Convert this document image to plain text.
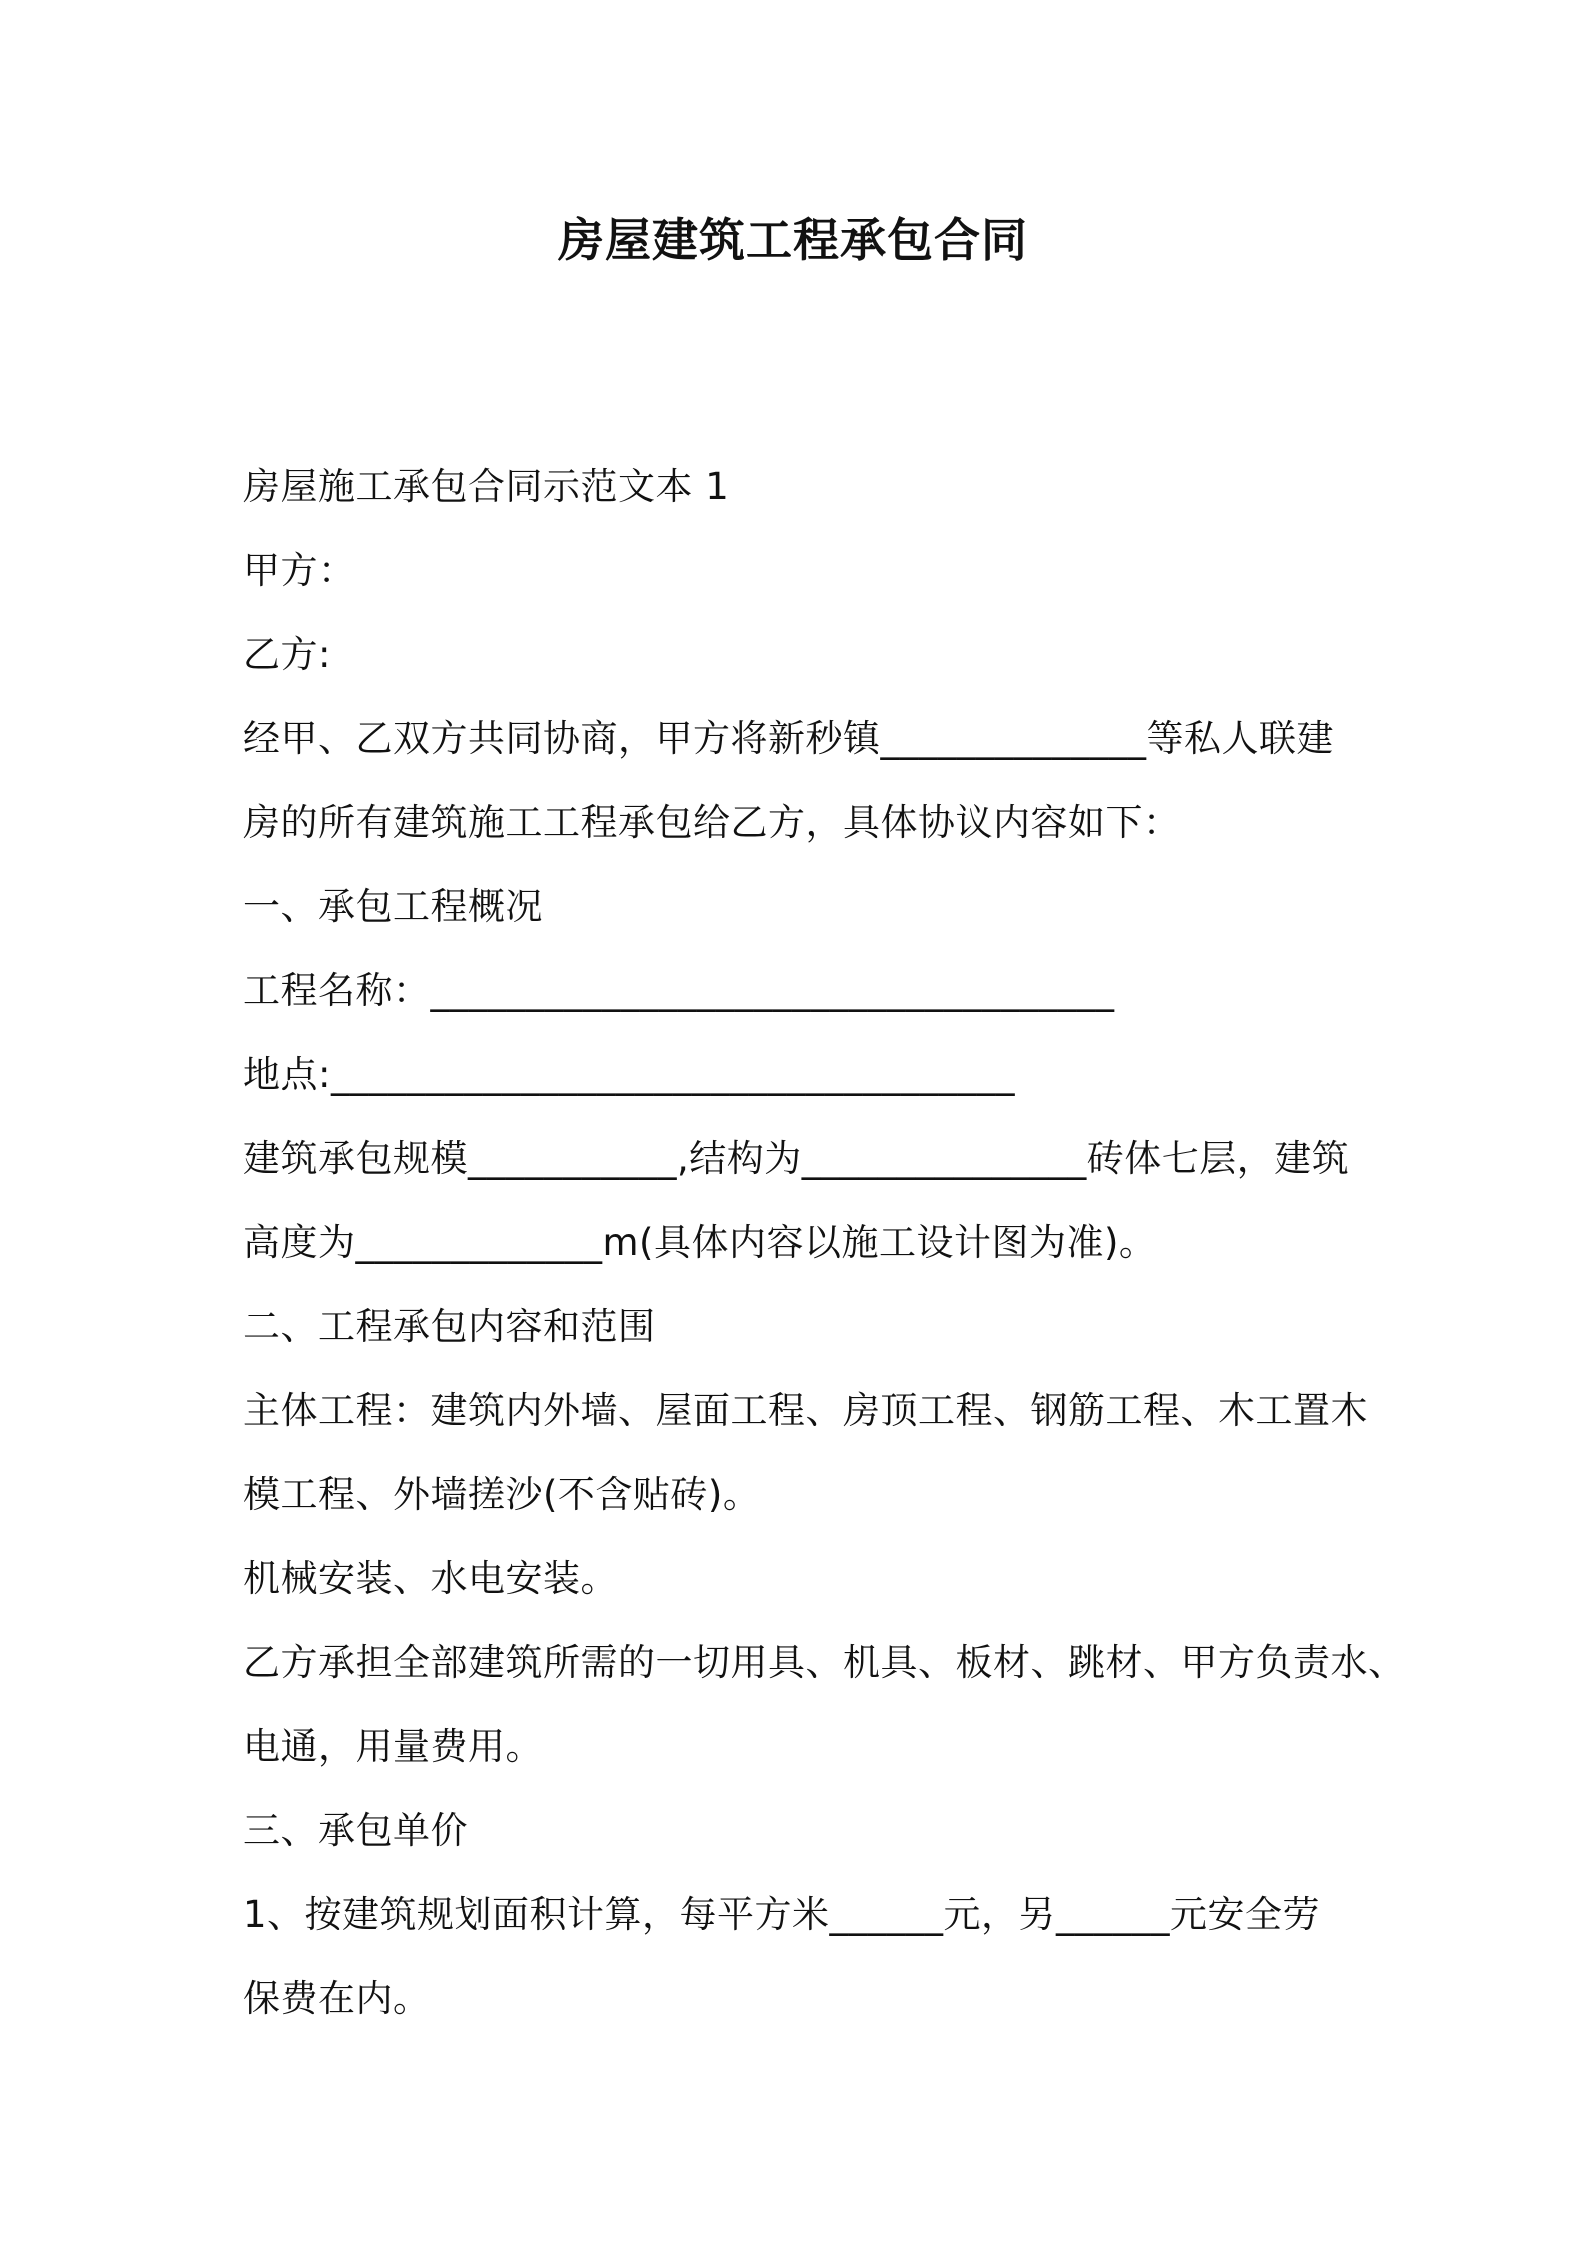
房屋建筑工程承包合同

房屋施工承包合同示范文本 1

甲方：

乙方:

经甲、乙双方共同协商，甲方将新秒镇______________等私人联建

房的所有建筑施工工程承包给乙方，具体协议内容如下：

一、承包工程概况

工程名称：____________________________________

地点:____________________________________

建筑承包规模___________,结构为_______________砖体七层，建筑

高度为_____________m(具体内容以施工设计图为准)。

二、工程承包内容和范围

主体工程：建筑内外墙、屋面工程、房顶工程、钢筋工程、木工置木

模工程、外墙搓沙(不含贴砖)。

机械安装、水电安装。

乙方承担全部建筑所需的一切用具、机具、板材、跳材、甲方负责水、

电通，用量费用。

三、承包单价

1、按建筑规划面积计算，每平方米______元，另______元安全劳

保费在内。
